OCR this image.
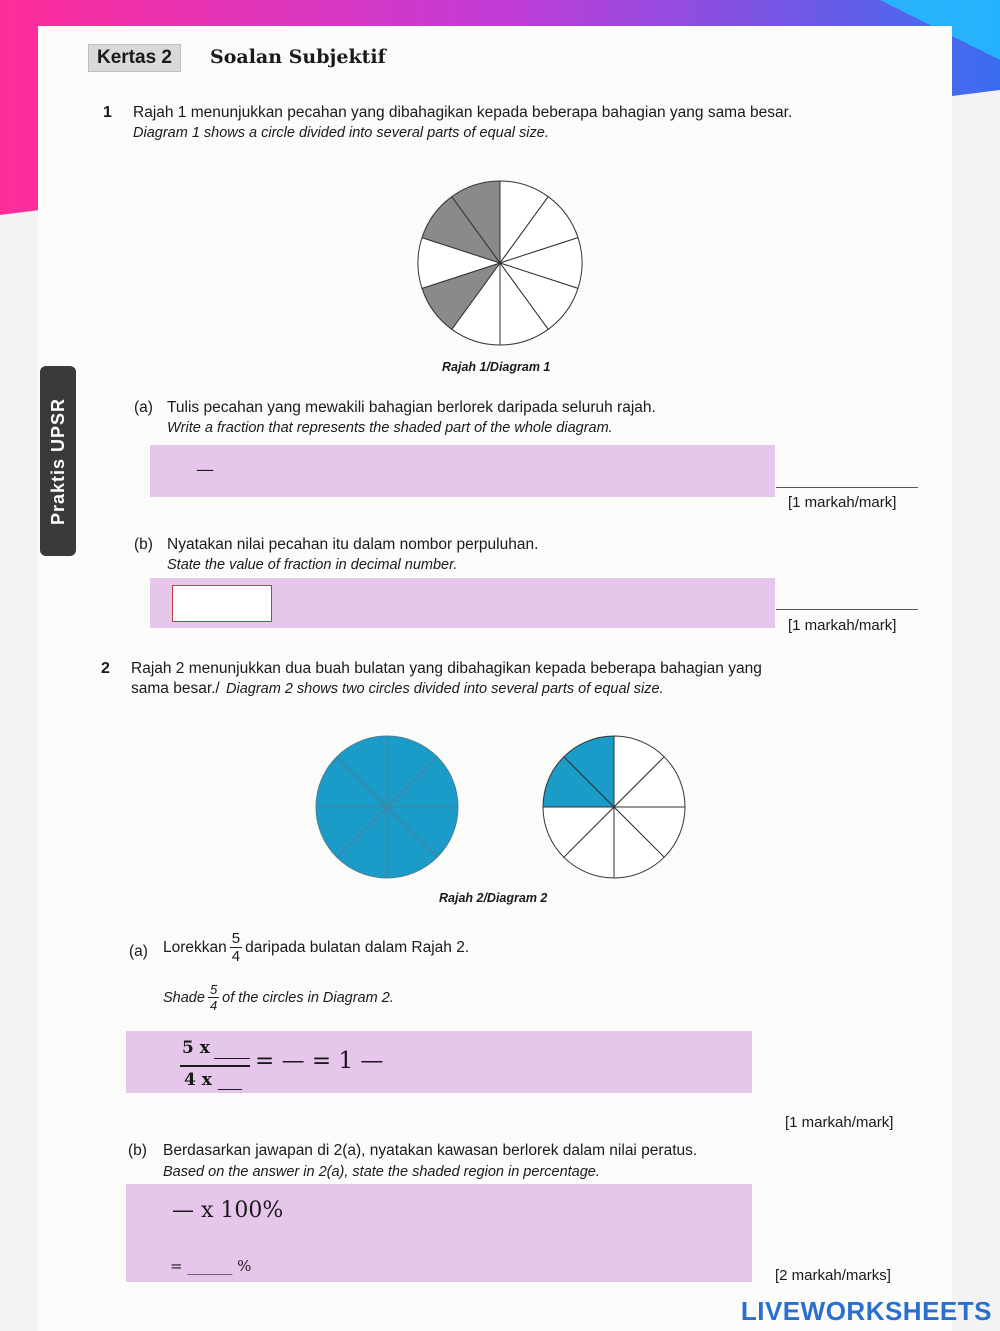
Kertas 2	Soalan Subjektif
Praktis UPSR
1 Rajah 1 menunjukkan pecahan yang dibahagikan kepada beberapa bahagian yang sama besar.
Diagram 1 shows a circle divided into several parts of equal size.
Rajah 1/Diagram 1
(a) Tulis pecahan yang mewakili bahagian berlorek daripada seluruh rajah.
Write a fraction that represents the shaded part of the whole diagram.
—
[1 markah/mark]
(b) Nyatakan nilai pecahan itu dalam nombor perpuluhan.
State the value of fraction in decimal number.
[1 markah/mark]
2 Rajah 2 menunjukkan dua buah bulatan yang dibahagikan kepada beberapa bahagian yang
sama besar./ Diagram 2 shows two circles divided into several parts of equal size.
Rajah 2/Diagram 2
(a) Lorekkan $\frac{5}{4}$ daripada bulatan dalam Rajah 2.
Shade $\frac{5}{4}$ of the circles in Diagram 2.
5 x
4 x
= — = 1 —
[1 markah/mark]
(b) Berdasarkan jawapan di 2(a), nyatakan kawasan berlorek dalam nilai peratus.
Based on the answer in 2(a), state the shaded region in percentage.
— x 100%
= ______ %
[2 markah/marks]
LIVEWORKSHEETS
